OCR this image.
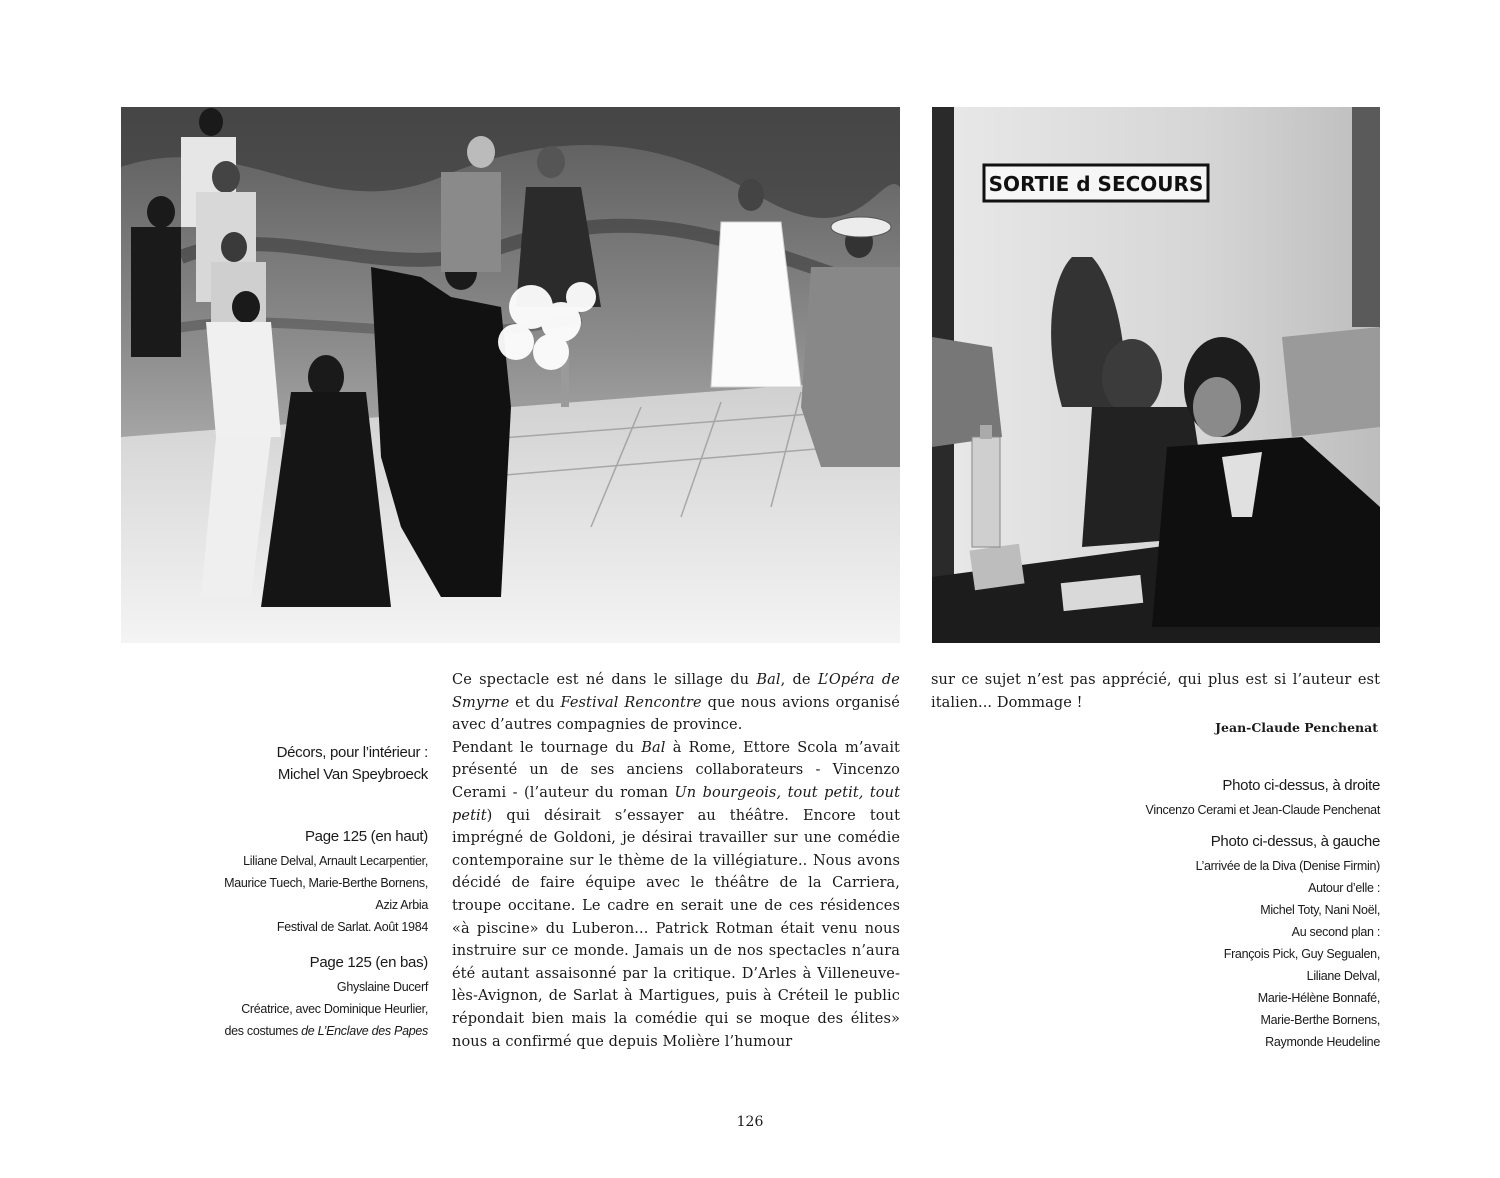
SORTIE d SECOURS
Décors, pour l’intérieur :
Michel Van Speybroeck
Page 125 (en haut)
Liliane Delval, Arnault Lecarpentier,
Maurice Tuech, Marie-Berthe Bornens,
Aziz Arbia
Festival de Sarlat. Août 1984
Page 125 (en bas)
Ghyslaine Ducerf
Créatrice, avec Dominique Heurlier,
des costumes de L’Enclave des Papes

Ce spectacle est né dans le sillage du Bal, de L’Opéra de Smyrne et du Festival Rencontre que nous avions organisé avec d’autres compagnies de province.

Pendant le tournage du Bal à Rome, Ettore Scola m’avait présenté un de ses anciens collaborateurs - Vincenzo Cerami - (l’auteur du roman Un bourgeois, tout petit, tout petit) qui désirait s’essayer au théâtre. Encore tout imprégné de Goldoni, je désirai travailler sur une comédie contemporaine sur le thème de la villégiature.. Nous avons décidé de faire équipe avec le théâtre de la Carriera, troupe occitane. Le cadre en serait une de ces résidences «à piscine» du Luberon... Patrick Rotman était venu nous instruire sur ce monde. Jamais un de nos spectacles n’aura été autant assaisonné par la critique. D’Arles à Villeneuve-lès-Avignon, de Sarlat à Martigues, puis à Créteil le public répondait bien mais la comédie qui se moque des élites» nous a confirmé que depuis Molière l’humour

sur ce sujet n’est pas apprécié, qui plus est si l’auteur est italien... Dommage !

Jean-Claude Penchenat
Photo ci-dessus, à droite
Vincenzo Cerami et Jean-Claude Penchenat
Photo ci-dessus, à gauche
L’arrivée de la Diva (Denise Firmin)
Autour d’elle :
Michel Toty, Nani Noël,
Au second plan :
François Pick, Guy Segualen,
Liliane Delval,
Marie-Hélène Bonnafé,
Marie-Berthe Bornens,
Raymonde Heudeline
126
